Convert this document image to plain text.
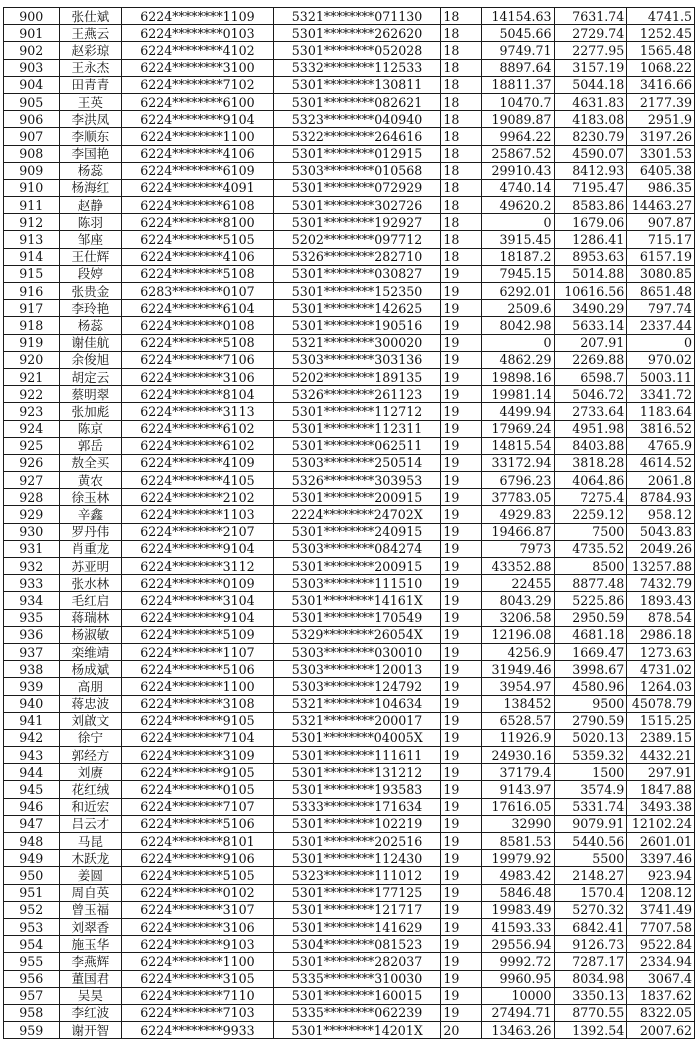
900	张仕斌	6224********1109	5321********071130	18	14154.63	7631.74	4741.5
901	王燕云	6224********0103	5301********262620	18	5045.66	2729.74	1252.45
902	赵彩琼	6224********4102	5301********052028	18	9749.71	2277.95	1565.48
903	王永杰	6224********3100	5332********112533	18	8897.64	3157.19	1068.22
904	田青青	6224********7102	5301********130811	18	18811.37	5044.18	3416.66
905	王英	6224********6100	5301********082621	18	10470.7	4631.83	2177.39
906	李洪凤	6224********9104	5323********040940	18	19089.87	4183.08	2951.9
907	李顺东	6224********1100	5322********264616	18	9964.22	8230.79	3197.26
908	李国艳	6224********4106	5301********012915	18	25867.52	4590.07	3301.53
909	杨蕊	6224********6109	5303********010568	18	29910.43	8412.93	6405.38
910	杨海红	6224********4091	5301********072929	18	4740.14	7195.47	986.35
911	赵静	6224********6108	5301********302726	18	49620.2	8583.86	14463.27
912	陈羽	6224********8100	5301********192927	18	0	1679.06	907.87
913	邹座	6224********5105	5202********097712	18	3915.45	1286.41	715.17
914	王仕辉	6224********4106	5326********282710	18	18187.2	8953.63	6157.19
915	段婷	6224********5108	5301********030827	19	7945.15	5014.88	3080.85
916	张贵金	6283********0107	5301********152350	19	6292.01	10616.56	8651.48
917	李玲艳	6224********6104	5301********142625	19	2509.6	3490.29	797.74
918	杨蕊	6224********0108	5301********190516	19	8042.98	5633.14	2337.44
919	谢佳航	6224********5108	5321********300020	19	0	207.91	0
920	余俊旭	6224********7106	5303********303136	19	4862.29	2269.88	970.02
921	胡定云	6224********3106	5202********189135	19	19898.16	6598.7	5003.11
922	蔡明翠	6224********8104	5326********261123	19	19981.14	5046.72	3341.72
923	张加彪	6224********3113	5301********112712	19	4499.94	2733.64	1183.64
924	陈京	6224********6102	5301********112311	19	17969.24	4951.98	3816.52
925	郭岳	6224********6102	5301********062511	19	14815.54	8403.88	4765.9
926	敖全买	6224********4109	5303********250514	19	33172.94	3818.28	4614.52
927	黄农	6224********4105	5326********303953	19	6796.23	4064.86	2061.8
928	徐玉林	6224********2102	5301********200915	19	37783.05	7275.4	8784.93
929	辛鑫	6224********1103	2224********24702X	19	4929.83	2259.12	958.12
930	罗丹伟	6224********2107	5301********240915	19	19466.87	7500	5043.83
931	肖重龙	6224********9104	5303********084274	19	7973	4735.52	2049.26
932	苏亚明	6224********3112	5301********200915	19	43352.88	8500	13257.88
933	张水林	6224********0109	5303********111510	19	22455	8877.48	7432.79
934	毛红启	6224********3104	5301********14161X	19	8043.29	5225.86	1893.43
935	蒋瑞林	6224********9104	5301********170549	19	3206.58	2950.59	878.54
936	杨淑敏	6224********5109	5329********26054X	19	12196.08	4681.18	2986.18
937	栾维靖	6224********1107	5303********030010	19	4256.9	1669.47	1273.63
938	杨成斌	6224********5106	5303********120013	19	31949.46	3998.67	4731.02
939	高朋	6224********1100	5303********124792	19	3954.97	4580.96	1264.03
940	蒋忠波	6224********3108	5321********104634	19	138452	9500	45078.79
941	刘啟文	6224********9105	5321********200017	19	6528.57	2790.59	1515.25
942	徐宁	6224********7104	5301********04005X	19	11926.9	5020.13	2389.15
943	郭经方	6224********3109	5301********111611	19	24930.16	5359.32	4432.21
944	刘赓	6224********9105	5301********131212	19	37179.4	1500	297.91
945	花红绒	6224********0105	5301********193583	19	9143.97	3574.9	1847.88
946	和近宏	6224********7107	5333********171634	19	17616.05	5331.74	3493.38
947	吕云才	6224********5106	5301********102219	19	32990	9079.91	12102.24
948	马昆	6224********8101	5301********202516	19	8581.53	5440.56	2601.01
949	木跃龙	6224********9106	5301********112430	19	19979.92	5500	3397.46
950	姜圆	6224********5105	5323********111012	19	4983.42	2148.27	923.94
951	周自英	6224********0102	5301********177125	19	5846.48	1570.4	1208.12
952	曾玉福	6224********3107	5301********121717	19	19983.49	5270.32	3741.49
953	刘翠香	6224********3106	5301********141629	19	41593.33	6842.41	7707.58
954	施玉华	6224********9103	5304********081523	19	29556.94	9126.73	9522.84
955	李燕辉	6224********1100	5301********282037	19	9992.72	7287.17	2334.94
956	董国君	6224********3105	5335********310030	19	9960.95	8034.98	3067.4
957	吴昊	6224********7110	5301********160015	19	10000	3350.13	1837.62
958	李红波	6224********7103	5335********062239	19	27494.71	8770.55	8322.05
959	谢开智	6224********9933	5301********14201X	20	13463.26	1392.54	2007.62
